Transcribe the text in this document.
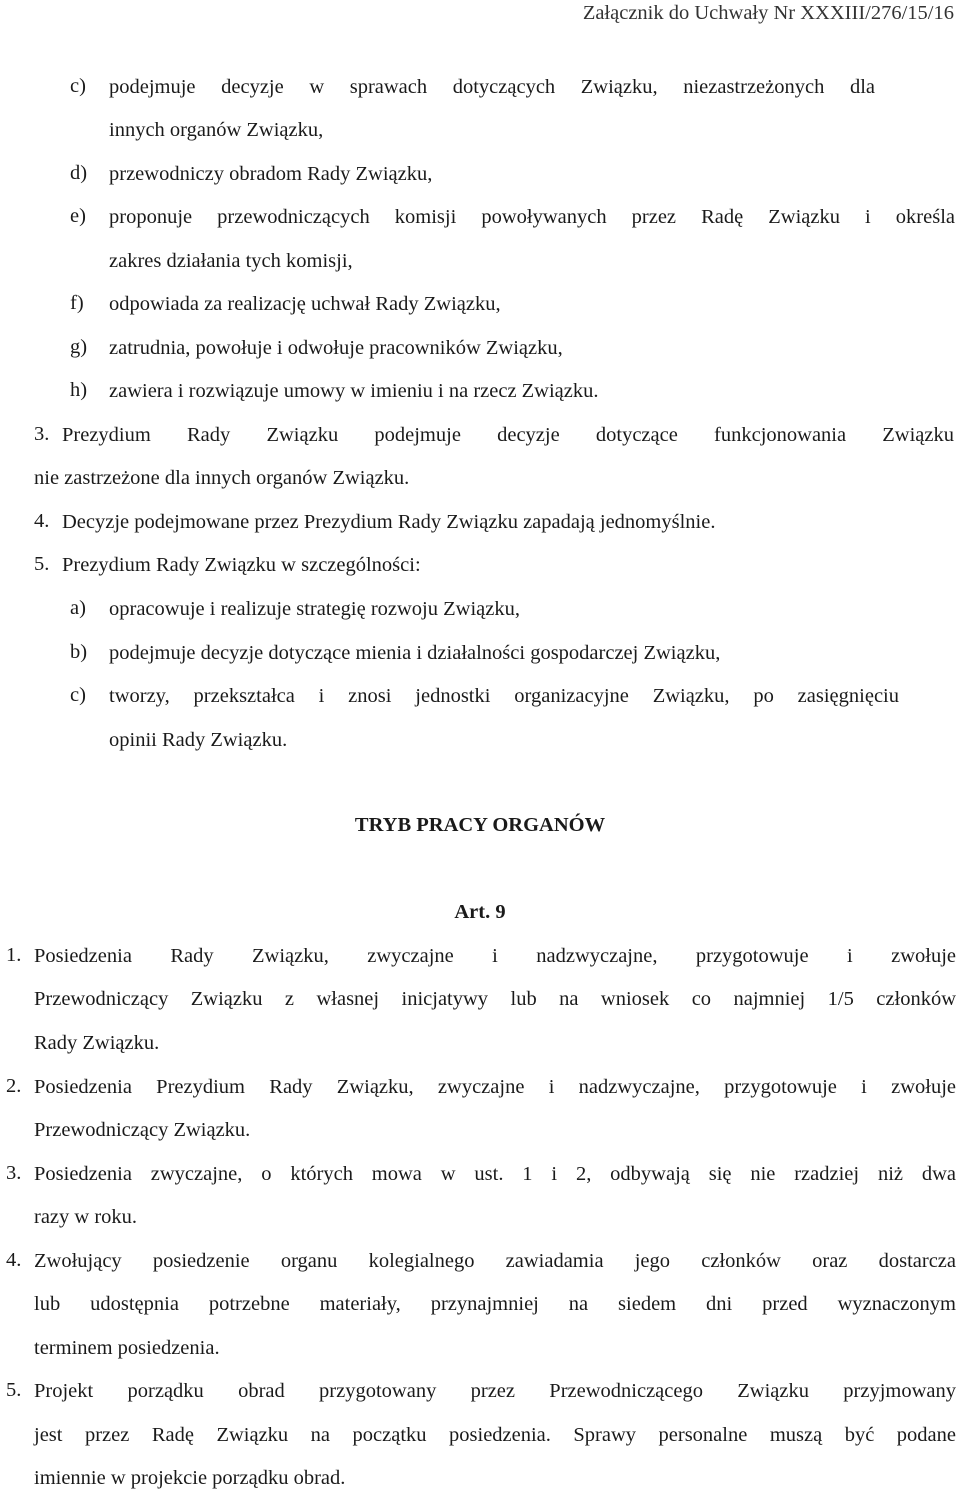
Załącznik do Uchwały Nr XXXIII/276/15/16
c) podejmuje decyzje w sprawach dotyczących Związku, niezastrzeżonych dla
innych organów Związku,
d) przewodniczy obradom Rady Związku,
e) proponuje przewodniczących komisji powoływanych przez Radę Związku i określa
zakres działania tych komisji,
f) odpowiada za realizację uchwał Rady Związku,
g) zatrudnia, powołuje i odwołuje pracowników Związku,
h) zawiera i rozwiązuje umowy w imieniu i na rzecz Związku.
3. Prezydium Rady Związku podejmuje decyzje dotyczące funkcjonowania Związku
nie zastrzeżone dla innych organów Związku.
4. Decyzje podejmowane przez Prezydium Rady Związku zapadają jednomyślnie.
5. Prezydium Rady Związku w szczególności:
a) opracowuje i realizuje strategię rozwoju Związku,
b) podejmuje decyzje dotyczące mienia i działalności gospodarczej Związku,
c) tworzy, przekształca i znosi jednostki organizacyjne Związku, po zasięgnięciu
opinii Rady Związku.
TRYB PRACY ORGANÓW
Art. 9
1. Posiedzenia Rady Związku, zwyczajne i nadzwyczajne, przygotowuje i zwołuje
Przewodniczący Związku z własnej inicjatywy lub na wniosek co najmniej 1/5 członków
Rady Związku.
2. Posiedzenia Prezydium Rady Związku, zwyczajne i nadzwyczajne, przygotowuje i zwołuje
Przewodniczący Związku.
3. Posiedzenia zwyczajne, o których mowa w ust. 1 i 2, odbywają się nie rzadziej niż dwa
razy w roku.
4. Zwołujący posiedzenie organu kolegialnego zawiadamia jego członków oraz dostarcza
lub udostępnia potrzebne materiały, przynajmniej na siedem dni przed wyznaczonym
terminem posiedzenia.
5. Projekt porządku obrad przygotowany przez Przewodniczącego Związku przyjmowany
jest przez Radę Związku na początku posiedzenia. Sprawy personalne muszą być podane
imiennie w projekcie porządku obrad.
